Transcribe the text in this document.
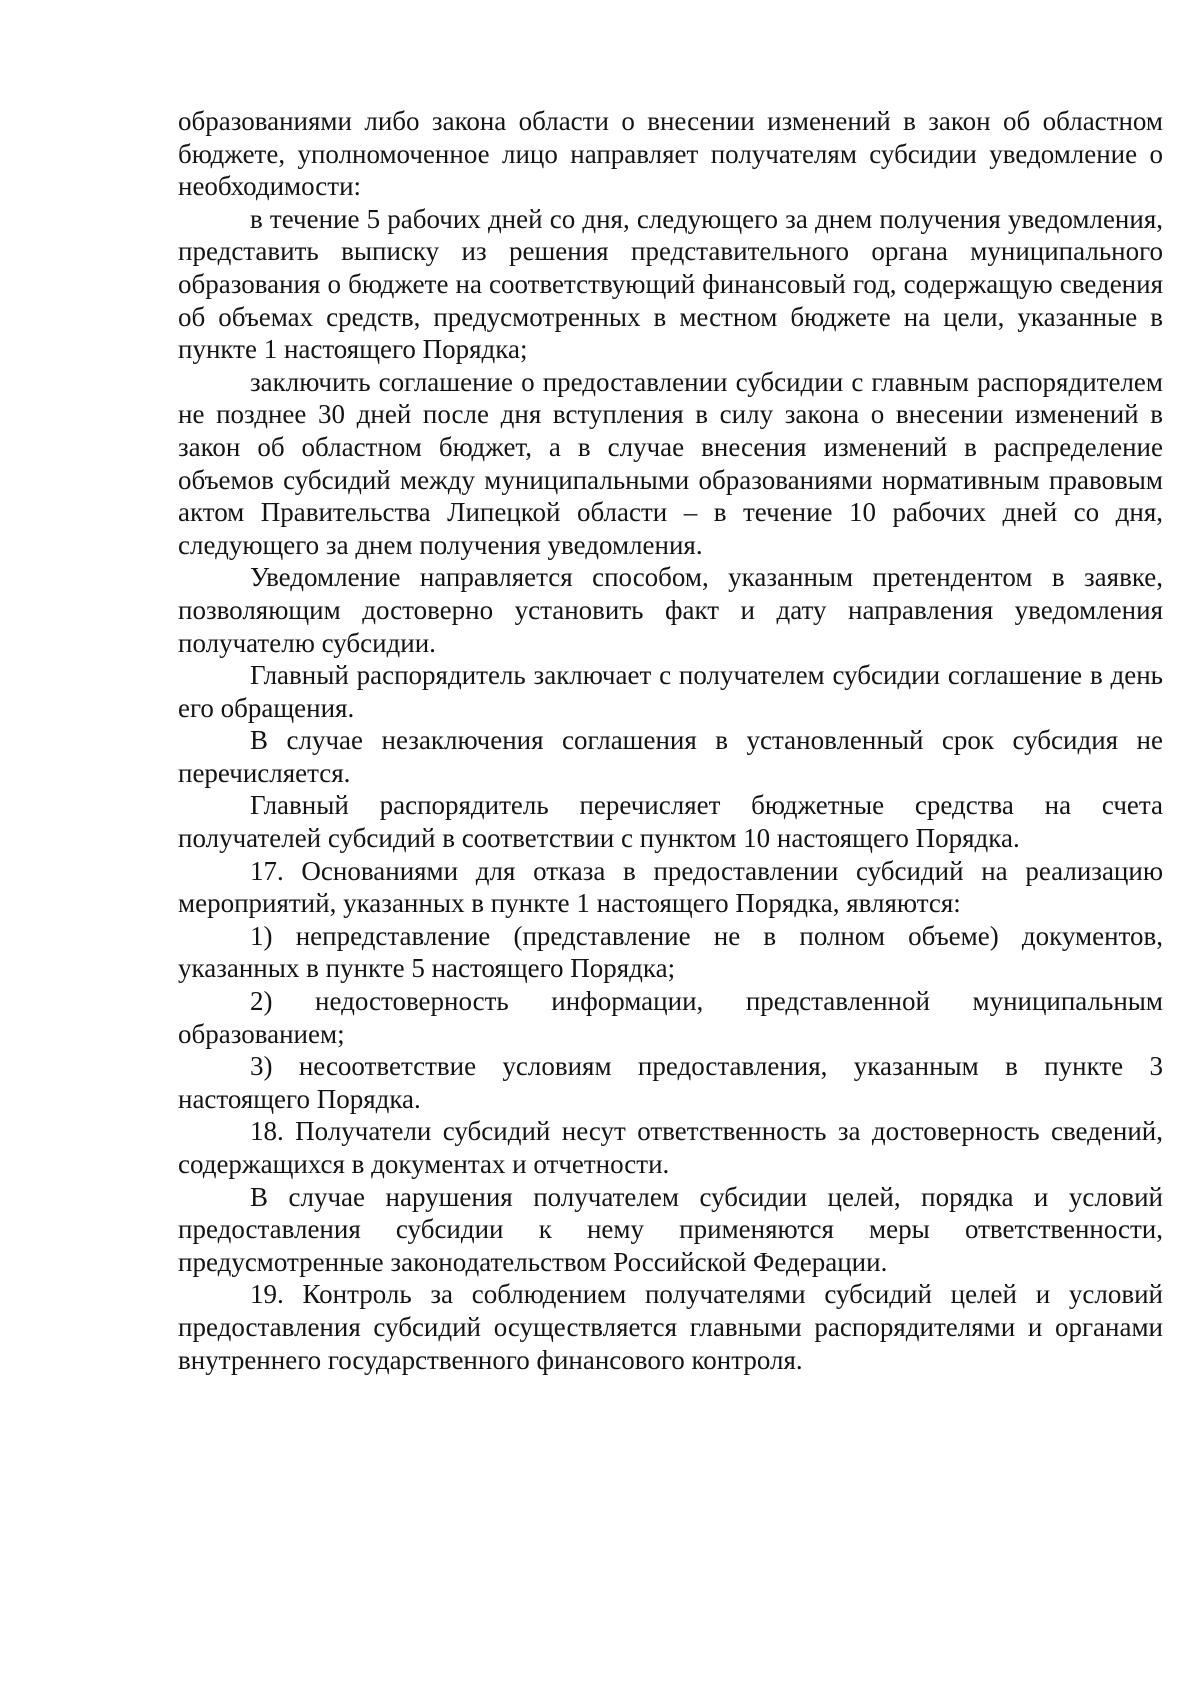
образованиями либо закона области о внесении изменений в закон об областном бюджете, уполномоченное лицо направляет получателям субсидии уведомление о необходимости:

в течение 5 рабочих дней со дня, следующего за днем получения уведомления, представить выписку из решения представительного органа муниципального образования о бюджете на соответствующий финансовый год, содержащую сведения об объемах средств, предусмотренных в местном бюджете на цели, указанные в пункте 1 настоящего Порядка;

заключить соглашение о предоставлении субсидии с главным распорядителем не позднее 30 дней после дня вступления в силу закона о внесении изменений в закон об областном бюджет, а в случае внесения изменений в распределение объемов субсидий между муниципальными образованиями нормативным правовым актом Правительства Липецкой области – в течение 10 рабочих дней со дня, следующего за днем получения уведомления.

Уведомление направляется способом, указанным претендентом в заявке, позволяющим достоверно установить факт и дату направления уведомления получателю субсидии.

Главный распорядитель заключает с получателем субсидии соглашение в день его обращения.

В случае незаключения соглашения в установленный срок субсидия не перечисляется.

Главный распорядитель перечисляет бюджетные средства на счета получателей субсидий в соответствии с пунктом 10 настоящего Порядка.

17. Основаниями для отказа в предоставлении субсидий на реализацию мероприятий, указанных в пункте 1 настоящего Порядка, являются:

1) непредставление (представление не в полном объеме) документов, указанных в пункте 5 настоящего Порядка;

2) недостоверность информации, представленной муниципальным образованием;

3) несоответствие условиям предоставления, указанным в пункте 3 настоящего Порядка.

18. Получатели субсидий несут ответственность за достоверность сведений, содержащихся в документах и отчетности.

В случае нарушения получателем субсидии целей, порядка и условий предоставления субсидии к нему применяются меры ответственности, предусмотренные законодательством Российской Федерации.

19. Контроль за соблюдением получателями субсидий целей и условий предоставления субсидий осуществляется главными распорядителями и органами внутреннего государственного финансового контроля.
